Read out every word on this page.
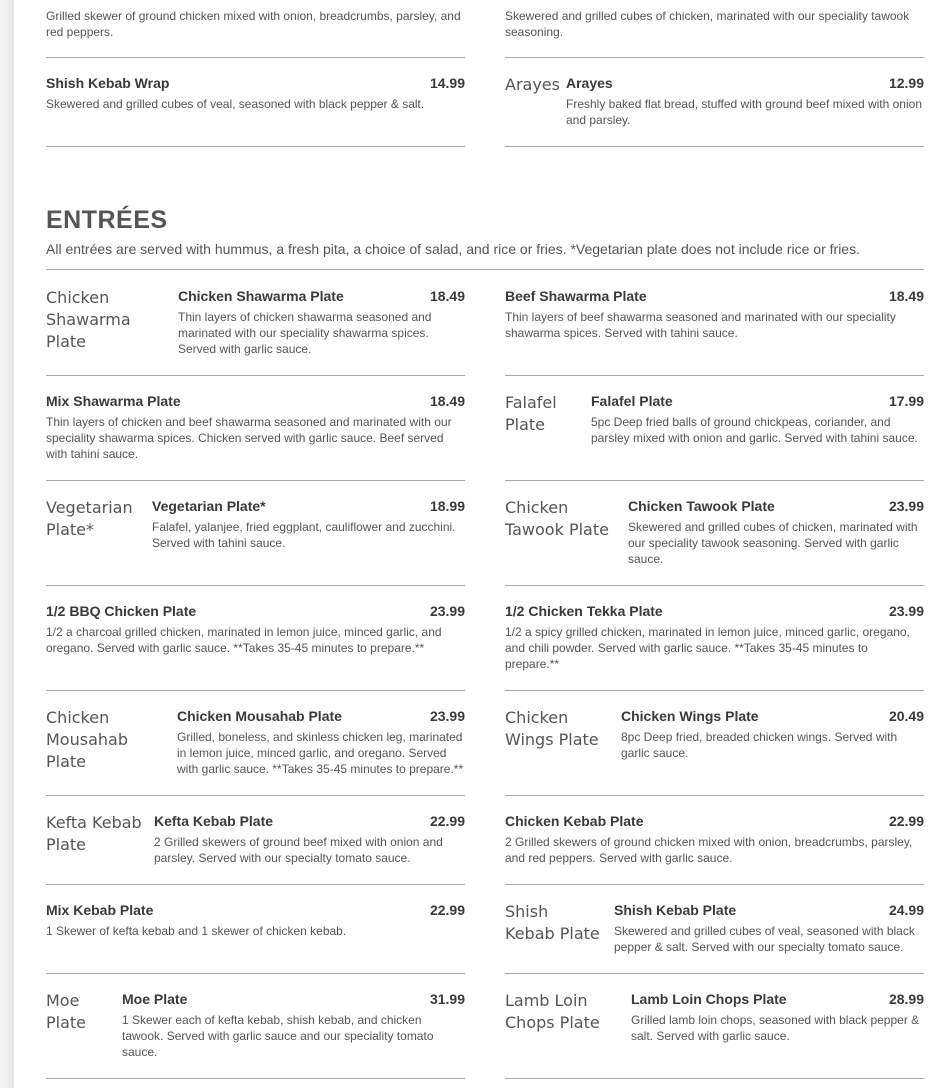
Grilled skewer of ground chicken mixed with onion, breadcrumbs, parsley, and red peppers.
Skewered and grilled cubes of chicken, marinated with our speciality tawook seasoning.
Shish Kebab Wrap	14.99
Skewered and grilled cubes of veal, seasoned with black pepper & salt.
Arayes Arayes	12.99
Freshly baked flat bread, stuffed with ground beef mixed with onion and parsley.
ENTRÉES
All entrées are served with hummus, a fresh pita, a choice of salad, and rice or fries. *Vegetarian plate does not include rice or fries.
Chicken Shawarma Plate
Chicken Shawarma Plate	18.49
Thin layers of chicken shawarma seasoned and marinated with our speciality shawarma spices. Served with garlic sauce.
Beef Shawarma Plate	18.49
Thin layers of beef shawarma seasoned and marinated with our speciality shawarma spices. Served with tahini sauce.
Mix Shawarma Plate	18.49
Thin layers of chicken and beef shawarma seasoned and marinated with our speciality shawarma spices. Chicken served with garlic sauce. Beef served with tahini sauce.
Falafel Plate
Falafel Plate	17.99
5pc Deep fried balls of ground chickpeas, coriander, and parsley mixed with onion and garlic. Served with tahini sauce.
Vegetarian Plate*
Vegetarian Plate*	18.99
Falafel, yalanjee, fried eggplant, cauliflower and zucchini. Served with tahini sauce.
Chicken Tawook Plate
Chicken Tawook Plate	23.99
Skewered and grilled cubes of chicken, marinated with our speciality tawook seasoning. Served with garlic sauce.
1/2 BBQ Chicken Plate	23.99
1/2 a charcoal grilled chicken, marinated in lemon juice, minced garlic, and oregano. Served with garlic sauce. **Takes 35-45 minutes to prepare.**
1/2 Chicken Tekka Plate	23.99
1/2 a spicy grilled chicken, marinated in lemon juice, minced garlic, oregano, and chili powder. Served with garlic sauce. **Takes 35-45 minutes to prepare.**
Chicken Mousahab Plate
Chicken Mousahab Plate	23.99
Grilled, boneless, and skinless chicken leg, marinated in lemon juice, minced garlic, and oregano. Served with garlic sauce. **Takes 35-45 minutes to prepare.**
Chicken Wings Plate
Chicken Wings Plate	20.49
8pc Deep fried, breaded chicken wings. Served with garlic sauce.
Kefta Kebab Plate
Kefta Kebab Plate	22.99
2 Grilled skewers of ground beef mixed with onion and parsley. Served with our specialty tomato sauce.
Chicken Kebab Plate	22.99
2 Grilled skewers of ground chicken mixed with onion, breadcrumbs, parsley, and red peppers. Served with garlic sauce.
Mix Kebab Plate	22.99
1 Skewer of kefta kebab and 1 skewer of chicken kebab.
Shish Kebab Plate
Shish Kebab Plate	24.99
Skewered and grilled cubes of veal, seasoned with black pepper & salt. Served with our specialty tomato sauce.
Moe Plate
Moe Plate	31.99
1 Skewer each of kefta kebab, shish kebab, and chicken tawook. Served with garlic sauce and our speciality tomato sauce.
Lamb Loin Chops Plate
Lamb Loin Chops Plate	28.99
Grilled lamb loin chops, seasoned with black pepper & salt. Served with garlic sauce.
